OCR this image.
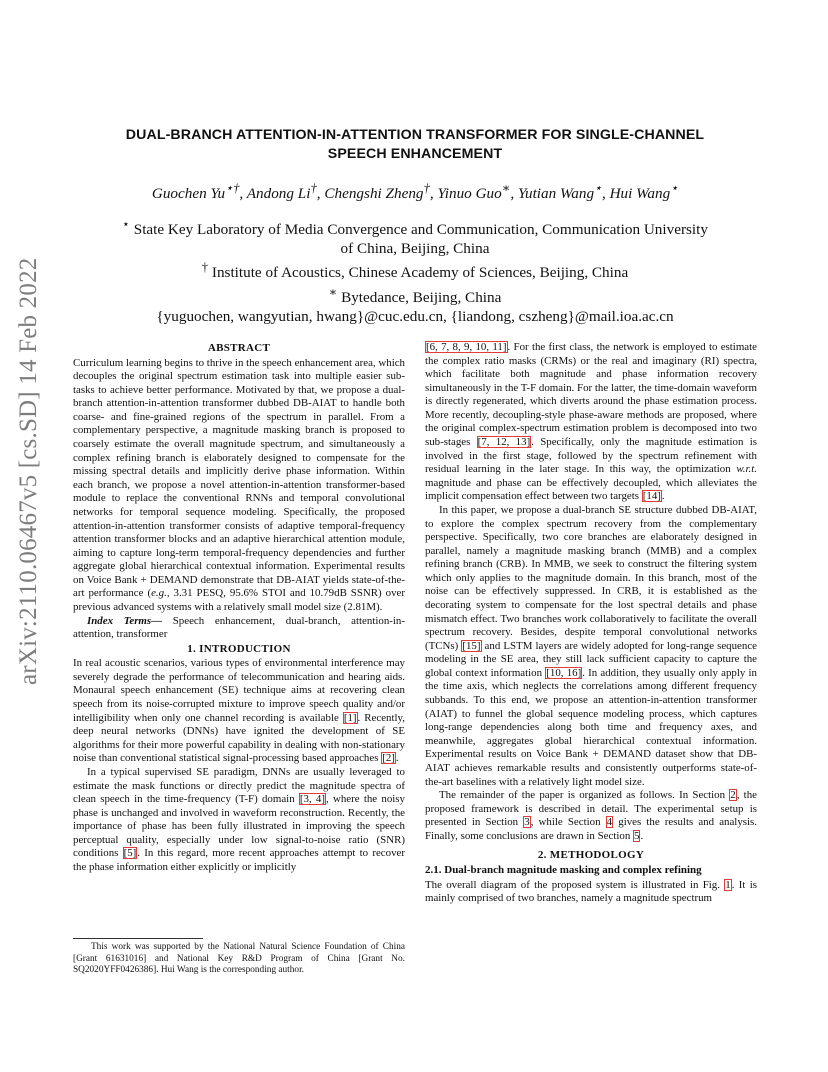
arXiv:2110.06467v5 [cs.SD] 14 Feb 2022
DUAL-BRANCH ATTENTION-IN-ATTENTION TRANSFORMER FOR SINGLE-CHANNEL
SPEECH ENHANCEMENT
Guochen Yu⋆†, Andong Li†, Chengshi Zheng†, Yinuo Guo∗, Yutian Wang⋆, Hui Wang⋆
⋆ State Key Laboratory of Media Convergence and Communication, Communication University
of China, Beijing, China
† Institute of Acoustics, Chinese Academy of Sciences, Beijing, China
∗ Bytedance, Beijing, China
{yuguochen, wangyutian, hwang}@cuc.edu.cn, {liandong, cszheng}@mail.ioa.ac.cn
ABSTRACT

Curriculum learning begins to thrive in the speech enhancement area, which decouples the original spectrum estimation task into multiple easier sub-tasks to achieve better performance. Motivated by that, we propose a dual-branch attention-in-attention transformer dubbed DB-AIAT to handle both coarse- and fine-grained regions of the spectrum in parallel. From a complementary perspective, a magnitude masking branch is proposed to coarsely estimate the overall magnitude spectrum, and simultaneously a complex refining branch is elaborately designed to compensate for the missing spectral details and implicitly derive phase information. Within each branch, we propose a novel attention-in-attention transformer-based module to replace the conventional RNNs and temporal convolutional networks for temporal sequence modeling. Specifically, the proposed attention-in-attention transformer consists of adaptive temporal-frequency attention transformer blocks and an adaptive hierarchical attention module, aiming to capture long-term temporal-frequency dependencies and further aggregate global hierarchical contextual information. Experimental results on Voice Bank + DEMAND demonstrate that DB-AIAT yields state-of-the-art performance (e.g., 3.31 PESQ, 95.6% STOI and 10.79dB SSNR) over previous advanced systems with a relatively small model size (2.81M).

Index Terms— Speech enhancement, dual-branch, attention-in-attention, transformer

1. INTRODUCTION

In real acoustic scenarios, various types of environmental interference may severely degrade the performance of telecommunication and hearing aids. Monaural speech enhancement (SE) technique aims at recovering clean speech from its noise-corrupted mixture to improve speech quality and/or intelligibility when only one channel recording is available [1]. Recently, deep neural networks (DNNs) have ignited the development of SE algorithms for their more powerful capability in dealing with non-stationary noise than conventional statistical signal-processing based approaches [2].

In a typical supervised SE paradigm, DNNs are usually leveraged to estimate the mask functions or directly predict the magnitude spectra of clean speech in the time-frequency (T-F) domain [3, 4], where the noisy phase is unchanged and involved in waveform reconstruction. Recently, the importance of phase has been fully illustrated in improving the speech perceptual quality, especially under low signal-to-noise ratio (SNR) conditions [5]. In this regard, more recent approaches attempt to recover the phase information either explicitly or implicitly

[6, 7, 8, 9, 10, 11]. For the first class, the network is employed to estimate the complex ratio masks (CRMs) or the real and imaginary (RI) spectra, which facilitate both magnitude and phase information recovery simultaneously in the T-F domain. For the latter, the time-domain waveform is directly regenerated, which diverts around the phase estimation process. More recently, decoupling-style phase-aware methods are proposed, where the original complex-spectrum estimation problem is decomposed into two sub-stages [7, 12, 13]. Specifically, only the magnitude estimation is involved in the first stage, followed by the spectrum refinement with residual learning in the later stage. In this way, the optimization w.r.t. magnitude and phase can be effectively decoupled, which alleviates the implicit compensation effect between two targets [14].

In this paper, we propose a dual-branch SE structure dubbed DB-AIAT, to explore the complex spectrum recovery from the complementary perspective. Specifically, two core branches are elaborately designed in parallel, namely a magnitude masking branch (MMB) and a complex refining branch (CRB). In MMB, we seek to construct the filtering system which only applies to the magnitude domain. In this branch, most of the noise can be effectively suppressed. In CRB, it is established as the decorating system to compensate for the lost spectral details and phase mismatch effect. Two branches work collaboratively to facilitate the overall spectrum recovery. Besides, despite temporal convolutional networks (TCNs) [15] and LSTM layers are widely adopted for long-range sequence modeling in the SE area, they still lack sufficient capacity to capture the global context information [10, 16]. In addition, they usually only apply in the time axis, which neglects the correlations among different frequency subbands. To this end, we propose an attention-in-attention transformer (AIAT) to funnel the global sequence modeling process, which captures long-range dependencies along both time and frequency axes, and meanwhile, aggregates global hierarchical contextual information. Experimental results on Voice Bank + DEMAND dataset show that DB-AIAT achieves remarkable results and consistently outperforms state-of-the-art baselines with a relatively light model size.

The remainder of the paper is organized as follows. In Section 2, the proposed framework is described in detail. The experimental setup is presented in Section 3, while Section 4 gives the results and analysis. Finally, some conclusions are drawn in Section 5.

2. METHODOLOGY
2.1. Dual-branch magnitude masking and complex refining

The overall diagram of the proposed system is illustrated in Fig. 1. It is mainly comprised of two branches, namely a magnitude spectrum

This work was supported by the National Natural Science Foundation of China [Grant 61631016] and National Key R&D Program of China [Grant No. SQ2020YFF0426386]. Hui Wang is the corresponding author.
